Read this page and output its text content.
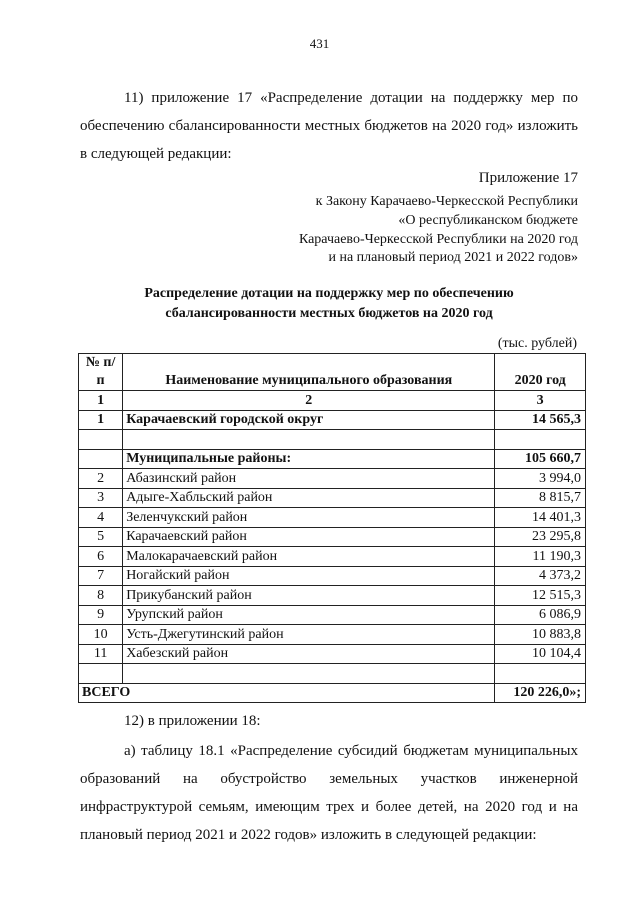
431
11) приложение 17 «Распределение дотации на поддержку мер по
обеспечению сбалансированности местных бюджетов на 2020 год» изложить
в следующей редакции:
Приложение 17
к Закону Карачаево-Черкесской Республики
«О республиканском бюджете
Карачаево-Черкесской Республики на 2020 год
и на плановый период 2021 и 2022 годов»
Распределение дотации на поддержку мер по обеспечению
сбалансированности местных бюджетов на 2020 год
(тыс. рублей)
№ п/п	Наименование муниципального образования	2020 год
1	2	3
1	Карачаевский городской округ	14 565,3

	Муниципальные районы:	105 660,7
2	Абазинский район	3 994,0
3	Адыге-Хабльский район	8 815,7
4	Зеленчукский район	14 401,3
5	Карачаевский район	23 295,8
6	Малокарачаевский район	11 190,3
7	Ногайский район	4 373,2
8	Прикубанский район	12 515,3
9	Урупский район	6 086,9
10	Усть-Джегутинский район	10 883,8
11	Хабезский район	10 104,4

ВСЕГО		120 226,0»;
12) в приложении 18:
а) таблицу 18.1 «Распределение субсидий бюджетам муниципальных
образований на обустройство земельных участков инженерной
инфраструктурой семьям, имеющим трех и более детей, на 2020 год и на
плановый период 2021 и 2022 годов» изложить в следующей редакции:
